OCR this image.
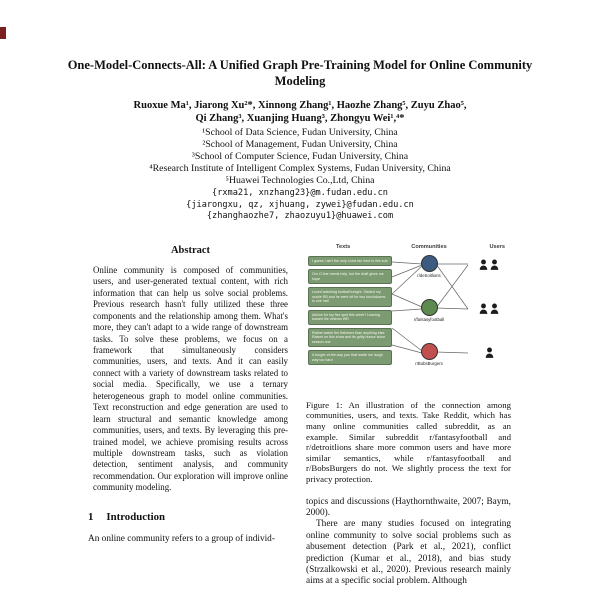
One-Model-Connects-All: A Unified Graph Pre-Training Model for Online Community Modeling
Ruoxue Ma¹, Jiarong Xu²*, Xinnong Zhang¹, Haozhe Zhang⁵, Zuyu Zhao⁵,
Qi Zhang³, Xuanjing Huang³, Zhongyu Wei¹,⁴*
¹School of Data Science, Fudan University, China
²School of Management, Fudan University, China
³School of Computer Science, Fudan University, China
⁴Research Institute of Intelligent Complex Systems, Fudan University, China
⁵Huawei Technologies Co.,Ltd, China
{rxma21, xnzhang23}@m.fudan.edu.cn
{jiarongxu, qz, xjhuang, zywei}@fudan.edu.cn
{zhanghaozhe7, zhaozuyu1}@huawei.com
Abstract
Online community is composed of communities, users, and user-generated textual content, with rich information that can help us solve social problems. Previous research hasn't fully utilized these three components and the relationship among them. What's more, they can't adapt to a wide range of downstream tasks. To solve these problems, we focus on a framework that simultaneously considers communities, users, and texts. And it can easily connect with a variety of downstream tasks related to social media. Specifically, we use a ternary heterogeneous graph to model online communities. Text reconstruction and edge generation are used to learn structural and semantic knowledge among communities, users, and texts. By leveraging this pre-trained model, we achieve promising results across multiple downstream tasks, such as violation detection, sentiment analysis, and community recommendation. Our exploration will improve online community modeling.
1 Introduction
An online community refers to a group of individ-
Texts	Communities	Users
I guess I ain't the only Lions fan here in this sub
Our O-line needs help, but the draft gives me hope
Loved watching football tonight. Started my rookie RB and he went off for two touchdowns in one half
Advice for my flex spot this week? Leaning toward the veteran WR
Rather watch the Belchers than anything else. Raised on this show and its gritty humor since season one
A burger-of-the-day pun that made me laugh way too hard
r/detroitlions
r/fantasyfootball
r/BobsBurgers
Figure 1: An illustration of the connection among communities, users, and texts. Take Reddit, which has many online communities called subreddit, as an example. Similar subreddit r/fantasyfootball and r/detroitlions share more common users and have more similar semantics, while r/fantasyfootball and r/BobsBurgers do not. We slightly process the text for privacy protection.
topics and discussions (Haythornthwaite, 2007; Baym, 2000).
There are many studies focused on integrating online community to solve social problems such as abusement detection (Park et al., 2021), conflict prediction (Kumar et al., 2018), and bias study (Strzalkowski et al., 2020). Previous research mainly aims at a specific social problem. Although
